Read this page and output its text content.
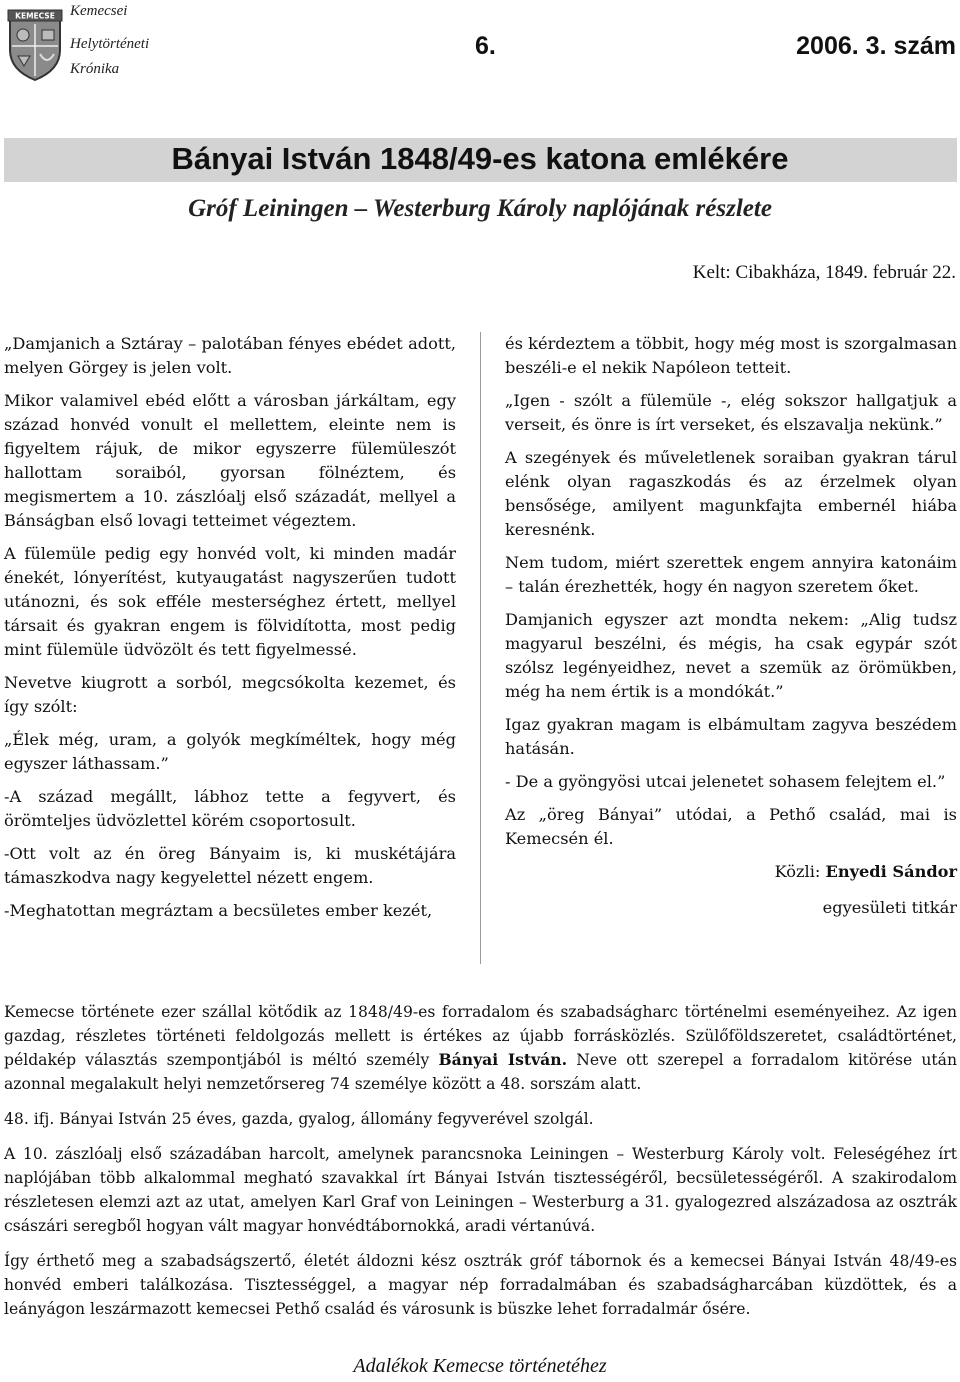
KEMECSE Kemecsei
Helytörténeti
Krónika
6.	2006. 3. szám
Bányai István 1848/49-es katona emlékére
Gróf Leiningen – Westerburg Károly naplójának részlete
Kelt: Cibakháza, 1849. február 22.

„Damjanich a Sztáray – palotában fényes ebédet adott, melyen Görgey is jelen volt.

Mikor valamivel ebéd előtt a városban járkáltam, egy század honvéd vonult el mellettem, eleinte nem is figyeltem rájuk, de mikor egyszerre fülemüleszót hallottam soraiból, gyorsan fölnéztem, és megismertem a 10. zászlóalj első századát, mellyel a Bánságban első lovagi tetteimet végeztem.

A fülemüle pedig egy honvéd volt, ki minden madár énekét, lónyerítést, kutyaugatást nagyszerűen tudott utánozni, és sok efféle mesterséghez értett, mellyel társait és gyakran engem is fölvidította, most pedig mint fülemüle üdvözölt és tett figyelmessé.

Nevetve kiugrott a sorból, megcsókolta kezemet, és így szólt:

„Élek még, uram, a golyók megkíméltek, hogy még egyszer láthassam.”

-A század megállt, lábhoz tette a fegyvert, és örömteljes üdvözlettel körém csoportosult.

-Ott volt az én öreg Bányaim is, ki muskétájára támaszkodva nagy kegyelettel nézett engem.

-Meghatottan megráztam a becsületes ember kezét,

és kérdeztem a többit, hogy még most is szorgalmasan beszéli-e el nekik Napóleon tetteit.

„Igen - szólt a fülemüle -, elég sokszor hallgatjuk a verseit, és önre is írt verseket, és elszavalja nekünk.”

A szegények és műveletlenek soraiban gyakran tárul elénk olyan ragaszkodás és az érzelmek olyan bensősége, amilyent magunkfajta embernél hiába keresnénk.

Nem tudom, miért szerettek engem annyira katonáim – talán érezhették, hogy én nagyon szeretem őket.

Damjanich egyszer azt mondta nekem: „Alig tudsz magyarul beszélni, és mégis, ha csak egypár szót szólsz legényeidhez, nevet a szemük az örömükben, még ha nem értik is a mondókát.”

Igaz gyakran magam is elbámultam zagyva beszédem hatásán.

- De a gyöngyösi utcai jelenetet sohasem felejtem el.”

Az „öreg Bányai” utódai, a Pethő család, mai is Kemecsén él.

Közli: Enyedi Sándor
egyesületi titkár

Kemecse története ezer szállal kötődik az 1848/49-es forradalom és szabadságharc történelmi eseményeihez. Az igen gazdag, részletes történeti feldolgozás mellett is értékes az újabb forrásközlés. Szülőföldszeretet, családtörténet, példakép választás szempontjából is méltó személy Bányai István. Neve ott szerepel a forradalom kitörése után azonnal megalakult helyi nemzetőrsereg 74 személye között a 48. sorszám alatt.

48. ifj. Bányai István 25 éves, gazda, gyalog, állomány fegyverével szolgál.

A 10. zászlóalj első századában harcolt, amelynek parancsnoka Leiningen – Westerburg Károly volt. Feleségéhez írt naplójában több alkalommal megható szavakkal írt Bányai István tisztességéről, becsületességéről. A szakirodalom részletesen elemzi azt az utat, amelyen Karl Graf von Leiningen – Westerburg a 31. gyalogezred alszázadosa az osztrák császári seregből hogyan vált magyar honvédtábornokká, aradi vértanúvá.

Így érthető meg a szabadságszertő, életét áldozni kész osztrák gróf tábornok és a kemecsei Bányai István 48/49-es honvéd emberi találkozása. Tisztességgel, a magyar nép forradalmában és szabadságharcában küzdöttek, és a leányágon leszármazott kemecsei Pethő család és városunk is büszke lehet forradalmár ősére.

Adalékok Kemecse történetéhez
